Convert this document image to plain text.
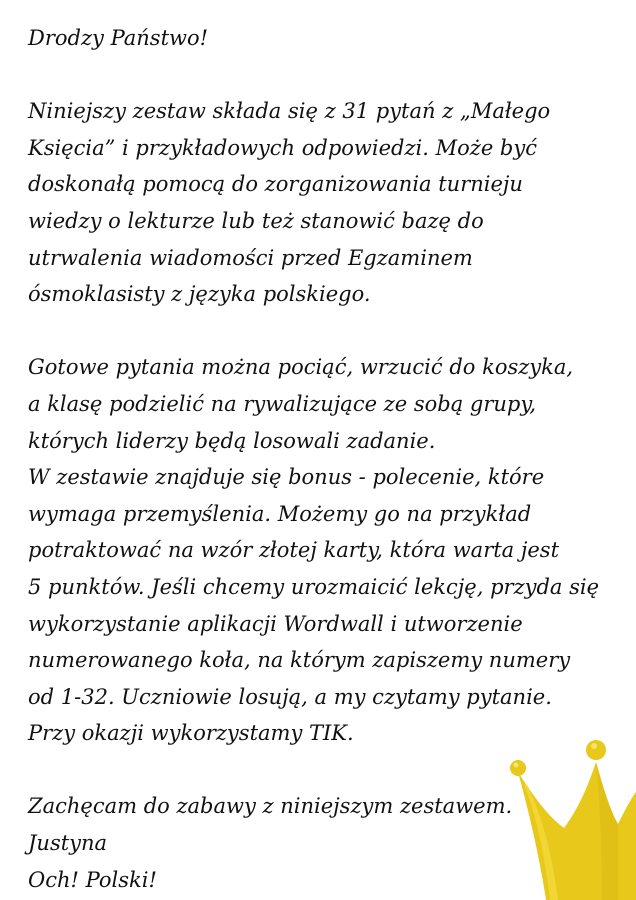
Drodzy Państwo!
Niniejszy zestaw składa się z 31 pytań z „Małego
Księcia” i przykładowych odpowiedzi. Może być
doskonałą pomocą do zorganizowania turnieju
wiedzy o lekturze lub też stanowić bazę do
utrwalenia wiadomości przed Egzaminem
ósmoklasisty z języka polskiego.
Gotowe pytania można pociąć, wrzucić do koszyka,
a klasę podzielić na rywalizujące ze sobą grupy,
których liderzy będą losowali zadanie.
W zestawie znajduje się bonus - polecenie, które
wymaga przemyślenia. Możemy go na przykład
potraktować na wzór złotej karty, która warta jest
5 punktów. Jeśli chcemy urozmaicić lekcję, przyda się
wykorzystanie aplikacji Wordwall i utworzenie
numerowanego koła, na którym zapiszemy numery
od 1-32. Uczniowie losują, a my czytamy pytanie.
Przy okazji wykorzystamy TIK.
Zachęcam do zabawy z niniejszym zestawem.
Justyna
Och! Polski!
